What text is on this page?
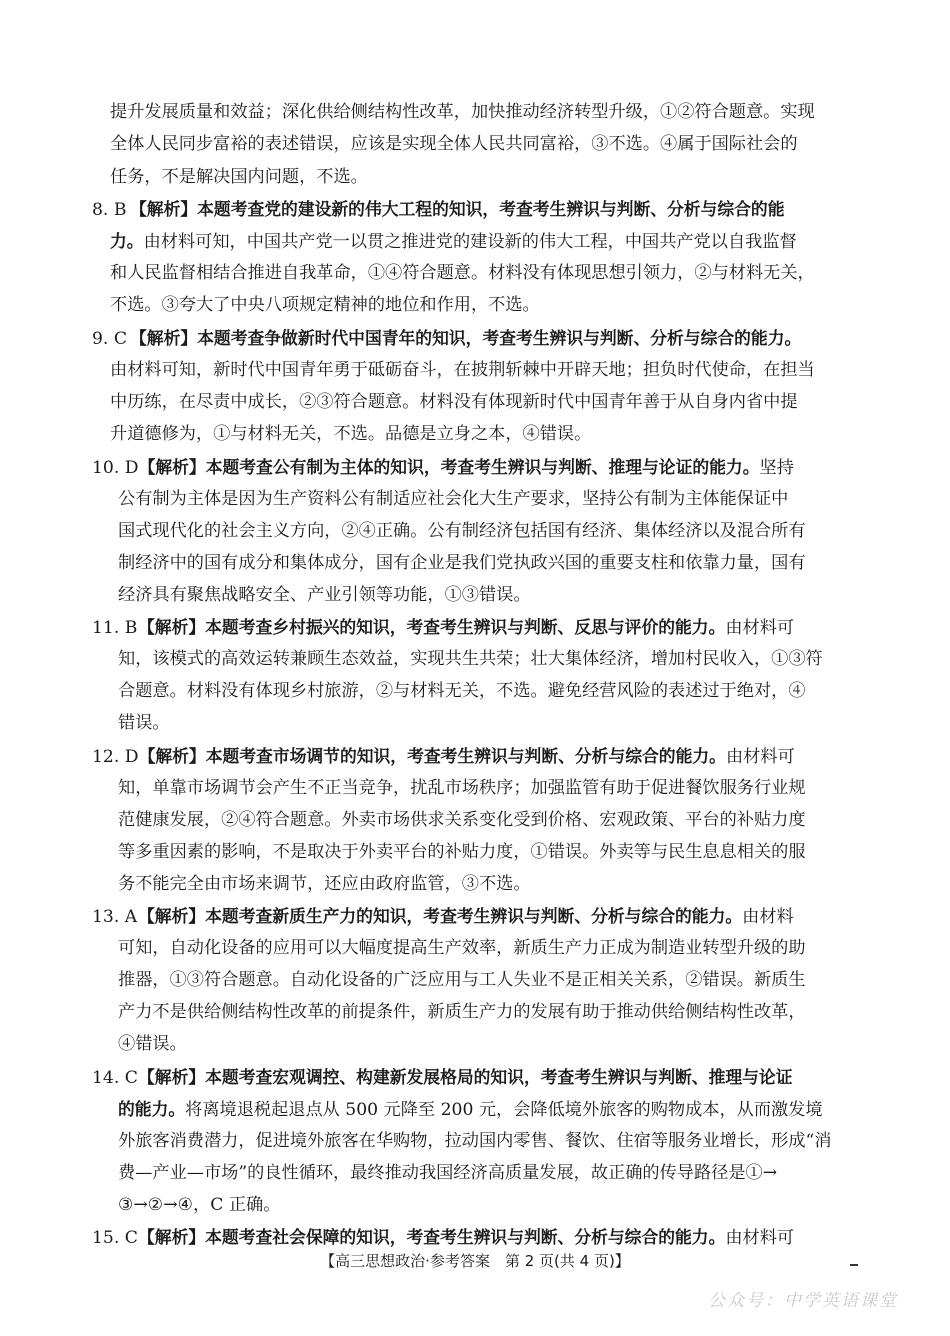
提升发展质量和效益；深化供给侧结构性改革，加快推动经济转型升级，①②符合题意。实现
全体人民同步富裕的表述错误，应该是实现全体人民共同富裕，③不选。④属于国际社会的
任务，不是解决国内问题，不选。
8. B 【解析】本题考查党的建设新的伟大工程的知识，考查考生辨识与判断、分析与综合的能
力。由材料可知，中国共产党一以贯之推进党的建设新的伟大工程，中国共产党以自我监督
和人民监督相结合推进自我革命，①④符合题意。材料没有体现思想引领力，②与材料无关，
不选。③夸大了中央八项规定精神的地位和作用，不选。
9. C 【解析】本题考查争做新时代中国青年的知识，考查考生辨识与判断、分析与综合的能力。
由材料可知，新时代中国青年勇于砥砺奋斗，在披荆斩棘中开辟天地；担负时代使命，在担当
中历练，在尽责中成长，②③符合题意。材料没有体现新时代中国青年善于从自身内省中提
升道德修为，①与材料无关，不选。品德是立身之本，④错误。
10. D【解析】本题考查公有制为主体的知识，考查考生辨识与判断、推理与论证的能力。坚持
公有制为主体是因为生产资料公有制适应社会化大生产要求，坚持公有制为主体能保证中
国式现代化的社会主义方向，②④正确。公有制经济包括国有经济、集体经济以及混合所有
制经济中的国有成分和集体成分，国有企业是我们党执政兴国的重要支柱和依靠力量，国有
经济具有聚焦战略安全、产业引领等功能，①③错误。
11. B【解析】本题考查乡村振兴的知识，考查考生辨识与判断、反思与评价的能力。由材料可
知，该模式的高效运转兼顾生态效益，实现共生共荣；壮大集体经济，增加村民收入，①③符
合题意。材料没有体现乡村旅游，②与材料无关，不选。避免经营风险的表述过于绝对，④
错误。
12. D【解析】本题考查市场调节的知识，考查考生辨识与判断、分析与综合的能力。由材料可
知，单靠市场调节会产生不正当竞争，扰乱市场秩序；加强监管有助于促进餐饮服务行业规
范健康发展，②④符合题意。外卖市场供求关系变化受到价格、宏观政策、平台的补贴力度
等多重因素的影响，不是取决于外卖平台的补贴力度，①错误。外卖等与民生息息相关的服
务不能完全由市场来调节，还应由政府监管，③不选。
13. A【解析】本题考查新质生产力的知识，考查考生辨识与判断、分析与综合的能力。由材料
可知，自动化设备的应用可以大幅度提高生产效率，新质生产力正成为制造业转型升级的助
推器，①③符合题意。自动化设备的广泛应用与工人失业不是正相关关系，②错误。新质生
产力不是供给侧结构性改革的前提条件，新质生产力的发展有助于推动供给侧结构性改革，
④错误。
14. C【解析】本题考查宏观调控、构建新发展格局的知识，考查考生辨识与判断、推理与论证
的能力。将离境退税起退点从 500 元降至 200 元，会降低境外旅客的购物成本，从而激发境
外旅客消费潜力，促进境外旅客在华购物，拉动国内零售、餐饮、住宿等服务业增长，形成“消
费—产业—市场”的良性循环，最终推动我国经济高质量发展，故正确的传导路径是①→
③→②→④，C 正确。
15. C【解析】本题考查社会保障的知识，考查考生辨识与判断、分析与综合的能力。由材料可
【高三思想政治·参考答案　第 2 页(共 4 页)】
公众号：中学英语课堂
